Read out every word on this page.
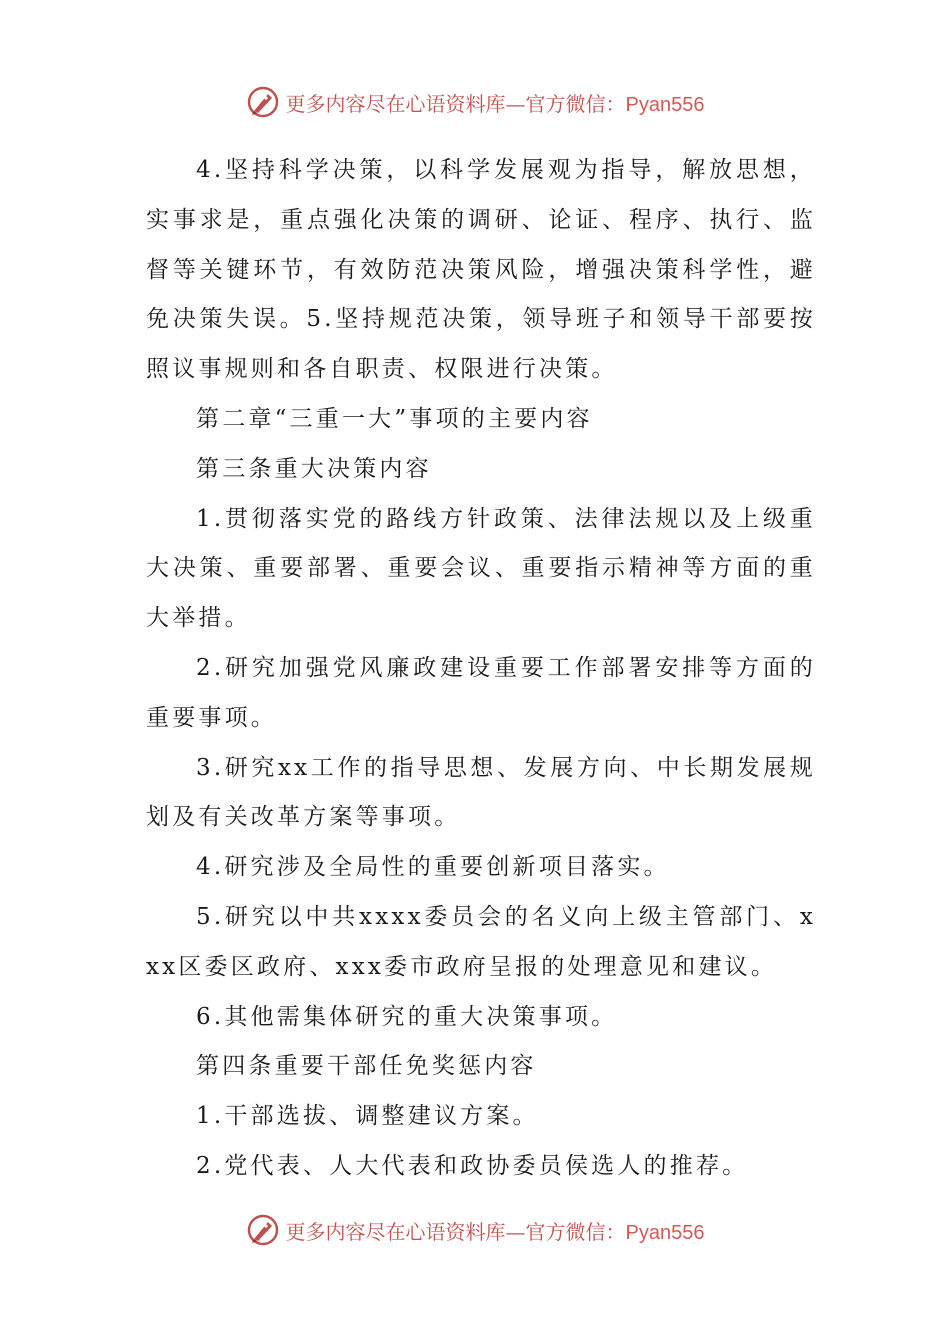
更多内容尽在心语资料库—官方微信：Pyan556

4.坚持科学决策，以科学发展观为指导，解放思想，实事求是，重点强化决策的调研、论证、程序、执行、监督等关键环节，有效防范决策风险，增强决策科学性，避免决策失误。5.坚持规范决策，领导班子和领导干部要按照议事规则和各自职责、权限进行决策。

第二章“三重一大”事项的主要内容

第三条重大决策内容

1.贯彻落实党的路线方针政策、法律法规以及上级重大决策、重要部署、重要会议、重要指示精神等方面的重大举措。

2.研究加强党风廉政建设重要工作部署安排等方面的重要事项。

3.研究xx工作的指导思想、发展方向、中长期发展规划及有关改革方案等事项。

4.研究涉及全局性的重要创新项目落实。

5.研究以中共xxxx委员会的名义向上级主管部门、xxx区委区政府、xxx委市政府呈报的处理意见和建议。

6.其他需集体研究的重大决策事项。

第四条重要干部任免奖惩内容

1.干部选拔、调整建议方案。

2.党代表、人大代表和政协委员侯选人的推荐。

更多内容尽在心语资料库—官方微信：Pyan556
